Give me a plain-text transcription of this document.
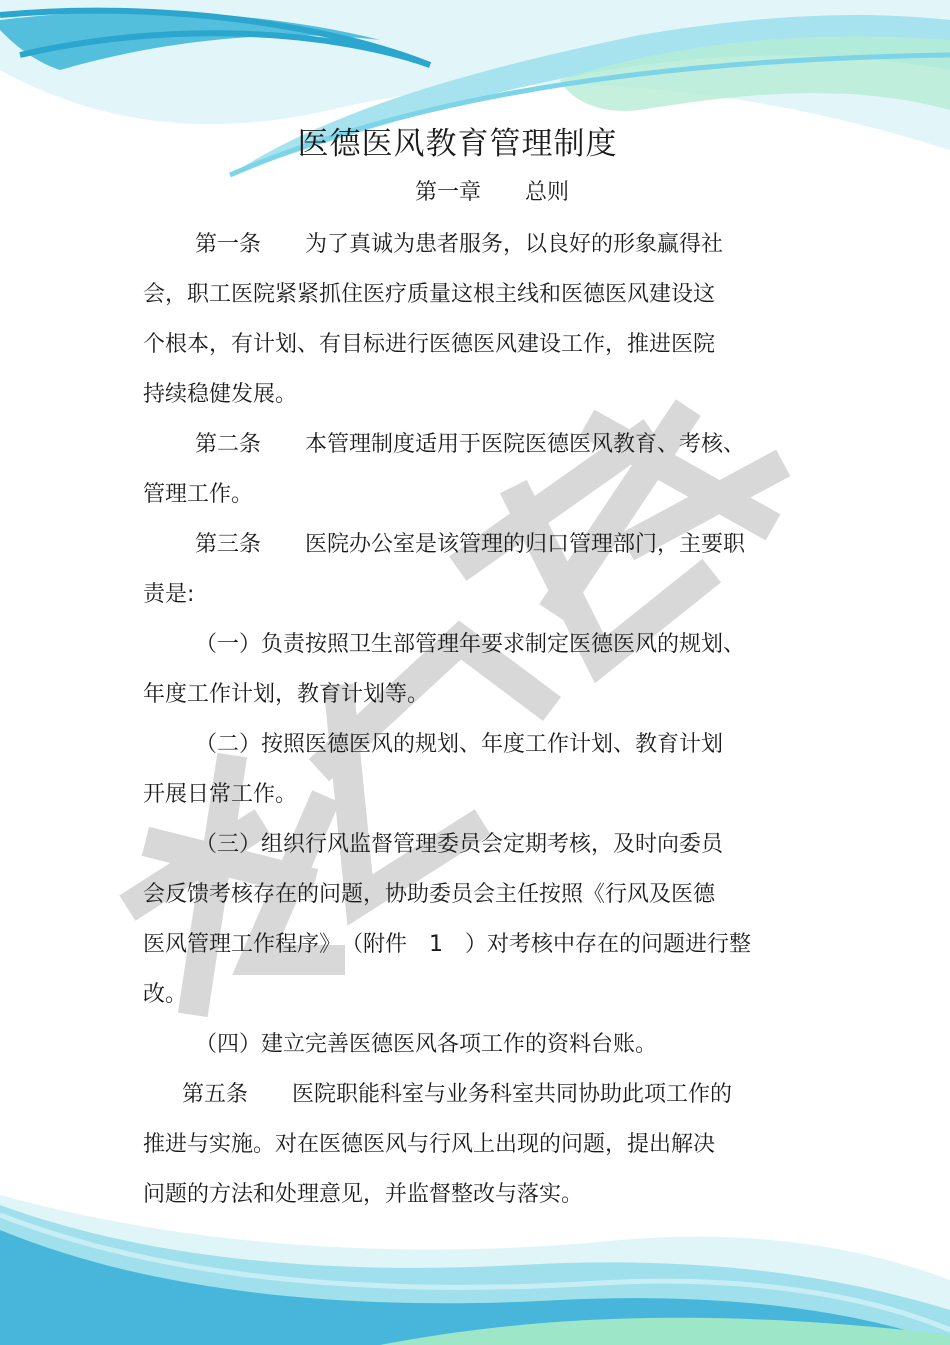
医德医风教育管理制度
第一章　　总则
第一条　　为了真诚为患者服务，以良好的形象赢得社
会，职工医院紧紧抓住医疗质量这根主线和医德医风建设这
个根本，有计划、有目标进行医德医风建设工作，推进医院
持续稳健发展。
第二条　　本管理制度适用于医院医德医风教育、考核、
管理工作。
第三条　　医院办公室是该管理的归口管理部门，主要职
责是:
（一）负责按照卫生部管理年要求制定医德医风的规划、
年度工作计划，教育计划等。
（二）按照医德医风的规划、年度工作计划、教育计划
开展日常工作。
（三）组织行风监督管理委员会定期考核，及时向委员
会反馈考核存在的问题，协助委员会主任按照《行风及医德
医风管理工作程序》　（附件　1　）对考核中存在的问题进行整
改。
（四）建立完善医德医风各项工作的资料台账。
第五条　　医院职能科室与业务科室共同协助此项工作的
推进与实施。对在医德医风与行风上出现的问题，提出解决
问题的方法和处理意见，并监督整改与落实。
